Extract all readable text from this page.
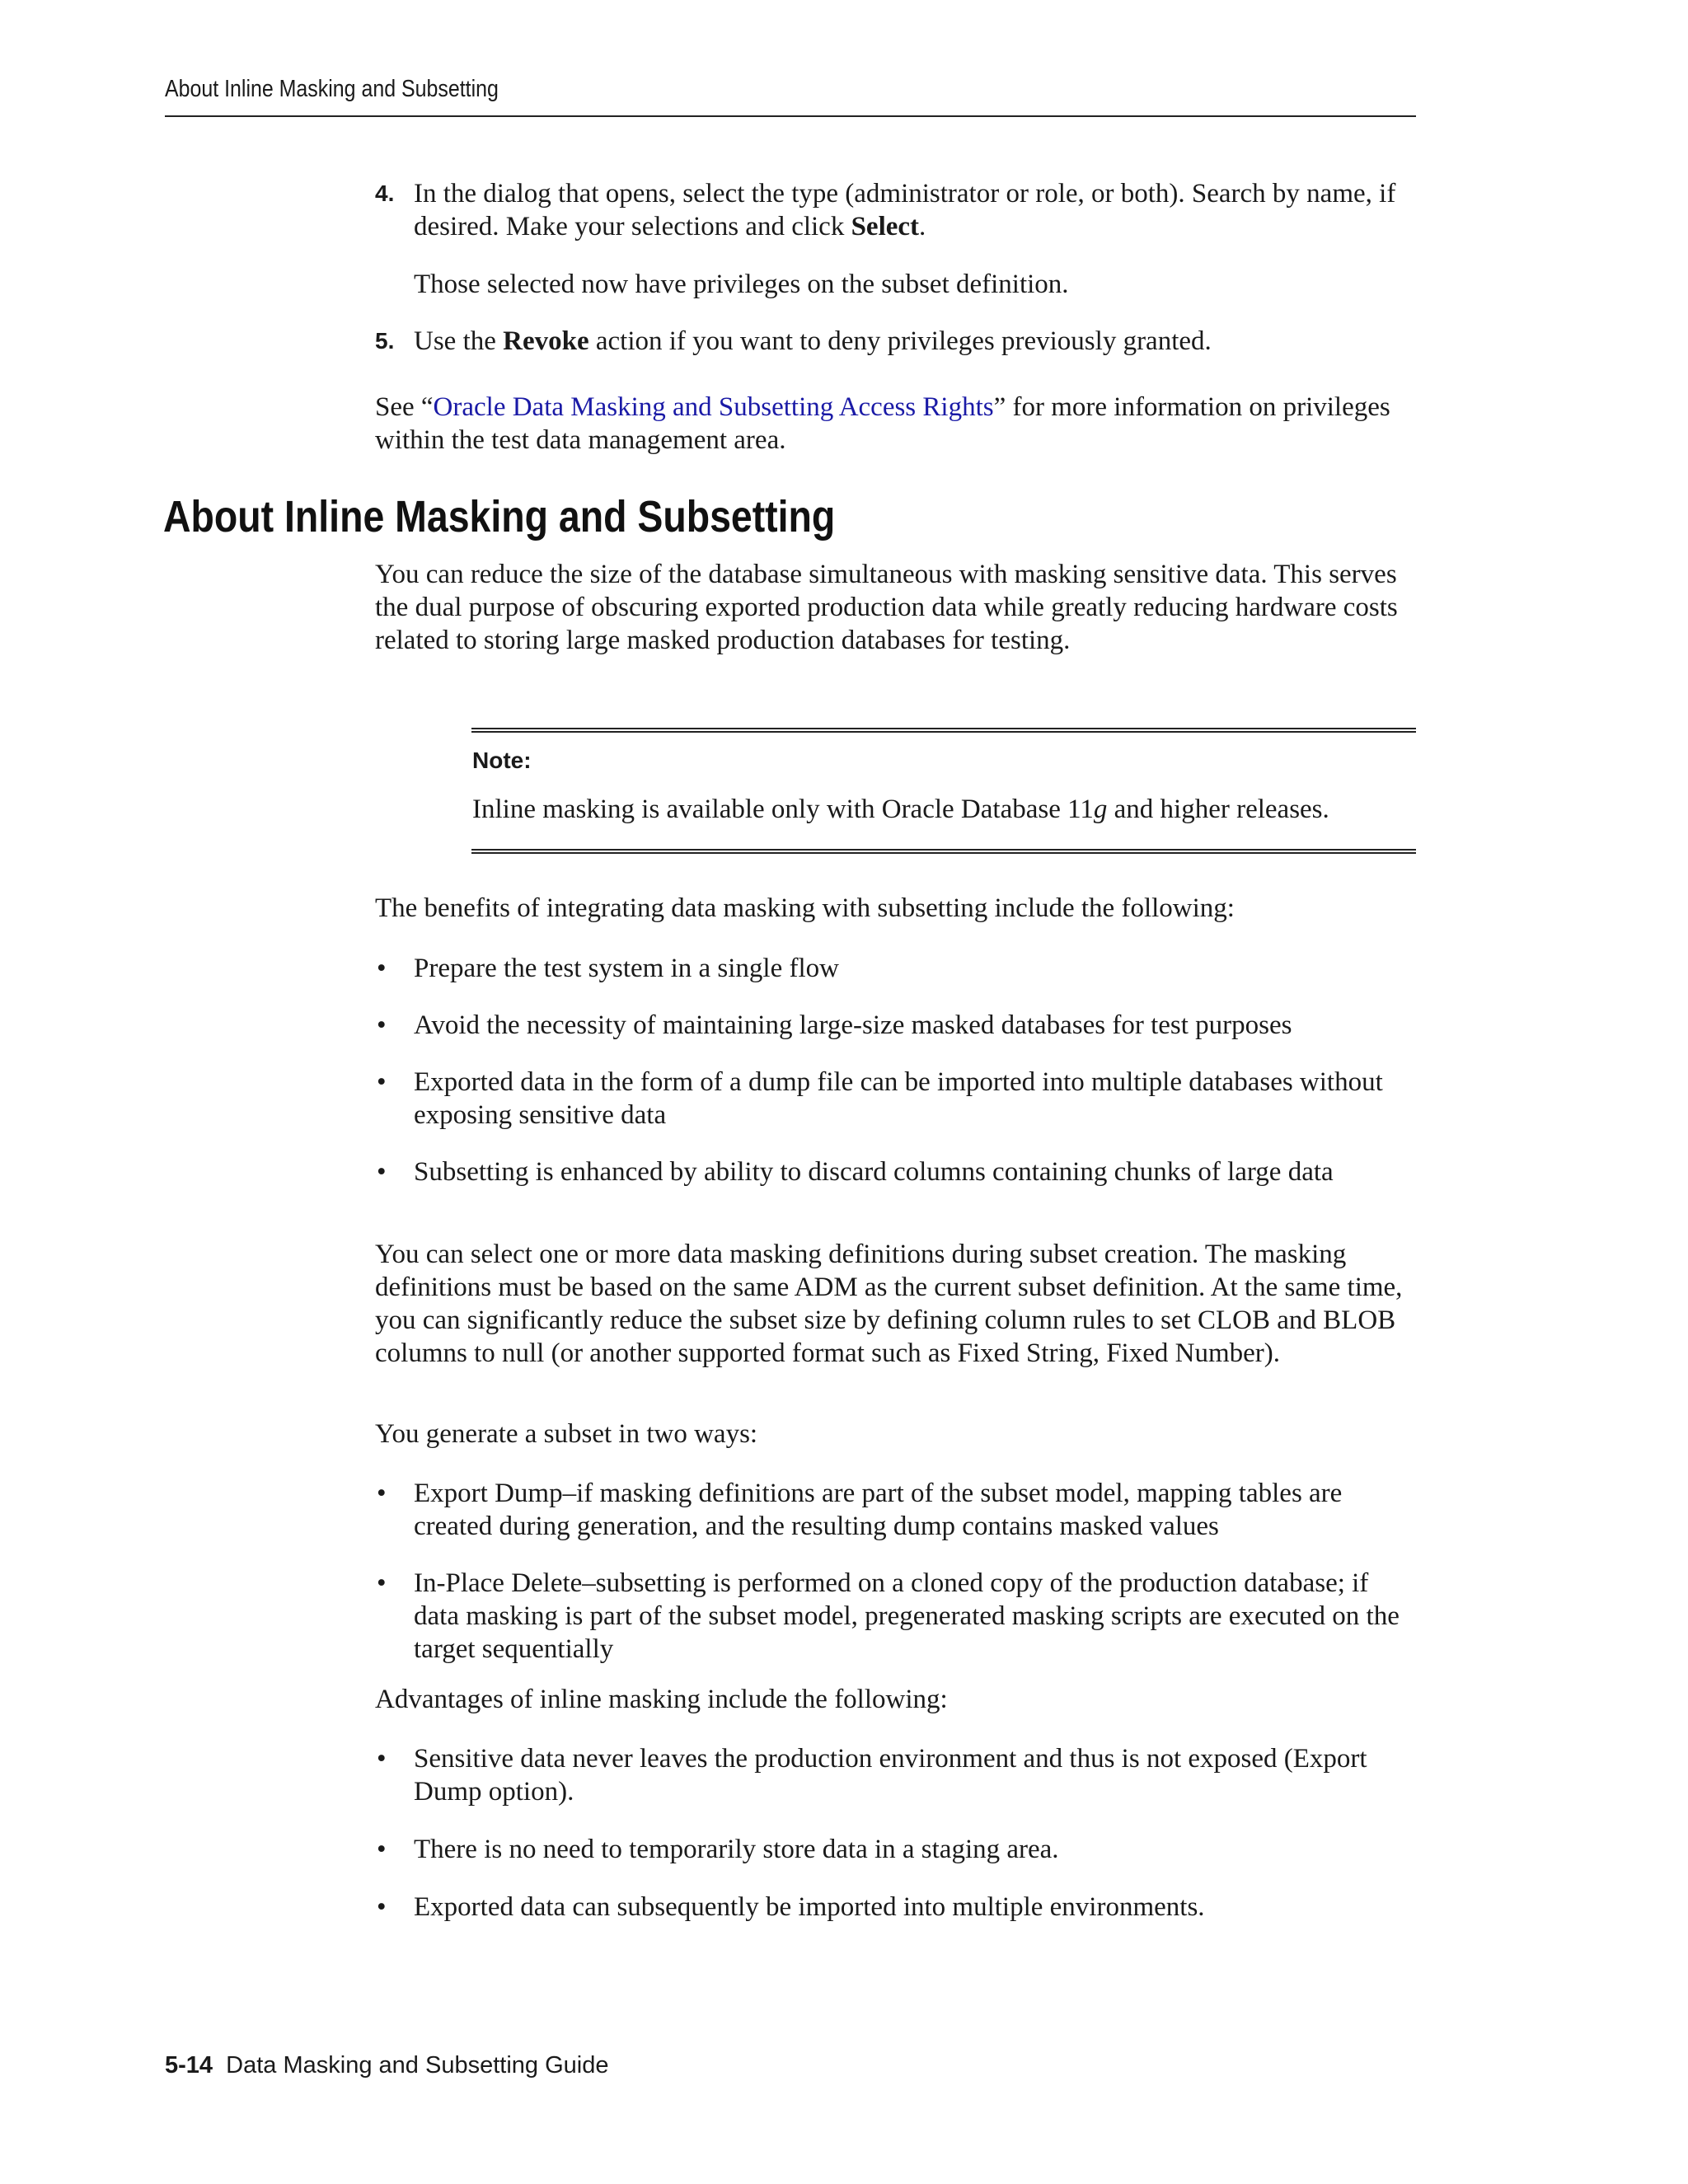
About Inline Masking and Subsetting
4. In the dialog that opens, select the type (administrator or role, or both). Search by name, if desired. Make your selections and click Select.

Those selected now have privileges on the subset definition.

5. Use the Revoke action if you want to deny privileges previously granted.

See “Oracle Data Masking and Subsetting Access Rights” for more information on privileges within the test data management area.

About Inline Masking and Subsetting

You can reduce the size of the database simultaneous with masking sensitive data. This serves the dual purpose of obscuring exported production data while greatly reducing hardware costs related to storing large masked production databases for testing.

Note:

Inline masking is available only with Oracle Database 11g and higher releases.

The benefits of integrating data masking with subsetting include the following:

• Prepare the test system in a single flow

• Avoid the necessity of maintaining large-size masked databases for test purposes

• Exported data in the form of a dump file can be imported into multiple databases without exposing sensitive data

• Subsetting is enhanced by ability to discard columns containing chunks of large data

You can select one or more data masking definitions during subset creation. The masking definitions must be based on the same ADM as the current subset definition. At the same time, you can significantly reduce the subset size by defining column rules to set CLOB and BLOB columns to null (or another supported format such as Fixed String, Fixed Number).

You generate a subset in two ways:

• Export Dump–if masking definitions are part of the subset model, mapping tables are created during generation, and the resulting dump contains masked values

• In-Place Delete–subsetting is performed on a cloned copy of the production database; if data masking is part of the subset model, pregenerated masking scripts are executed on the target sequentially

Advantages of inline masking include the following:

• Sensitive data never leaves the production environment and thus is not exposed (Export Dump option).

• There is no need to temporarily store data in a staging area.

• Exported data can subsequently be imported into multiple environments.

5-14 Data Masking and Subsetting Guide
